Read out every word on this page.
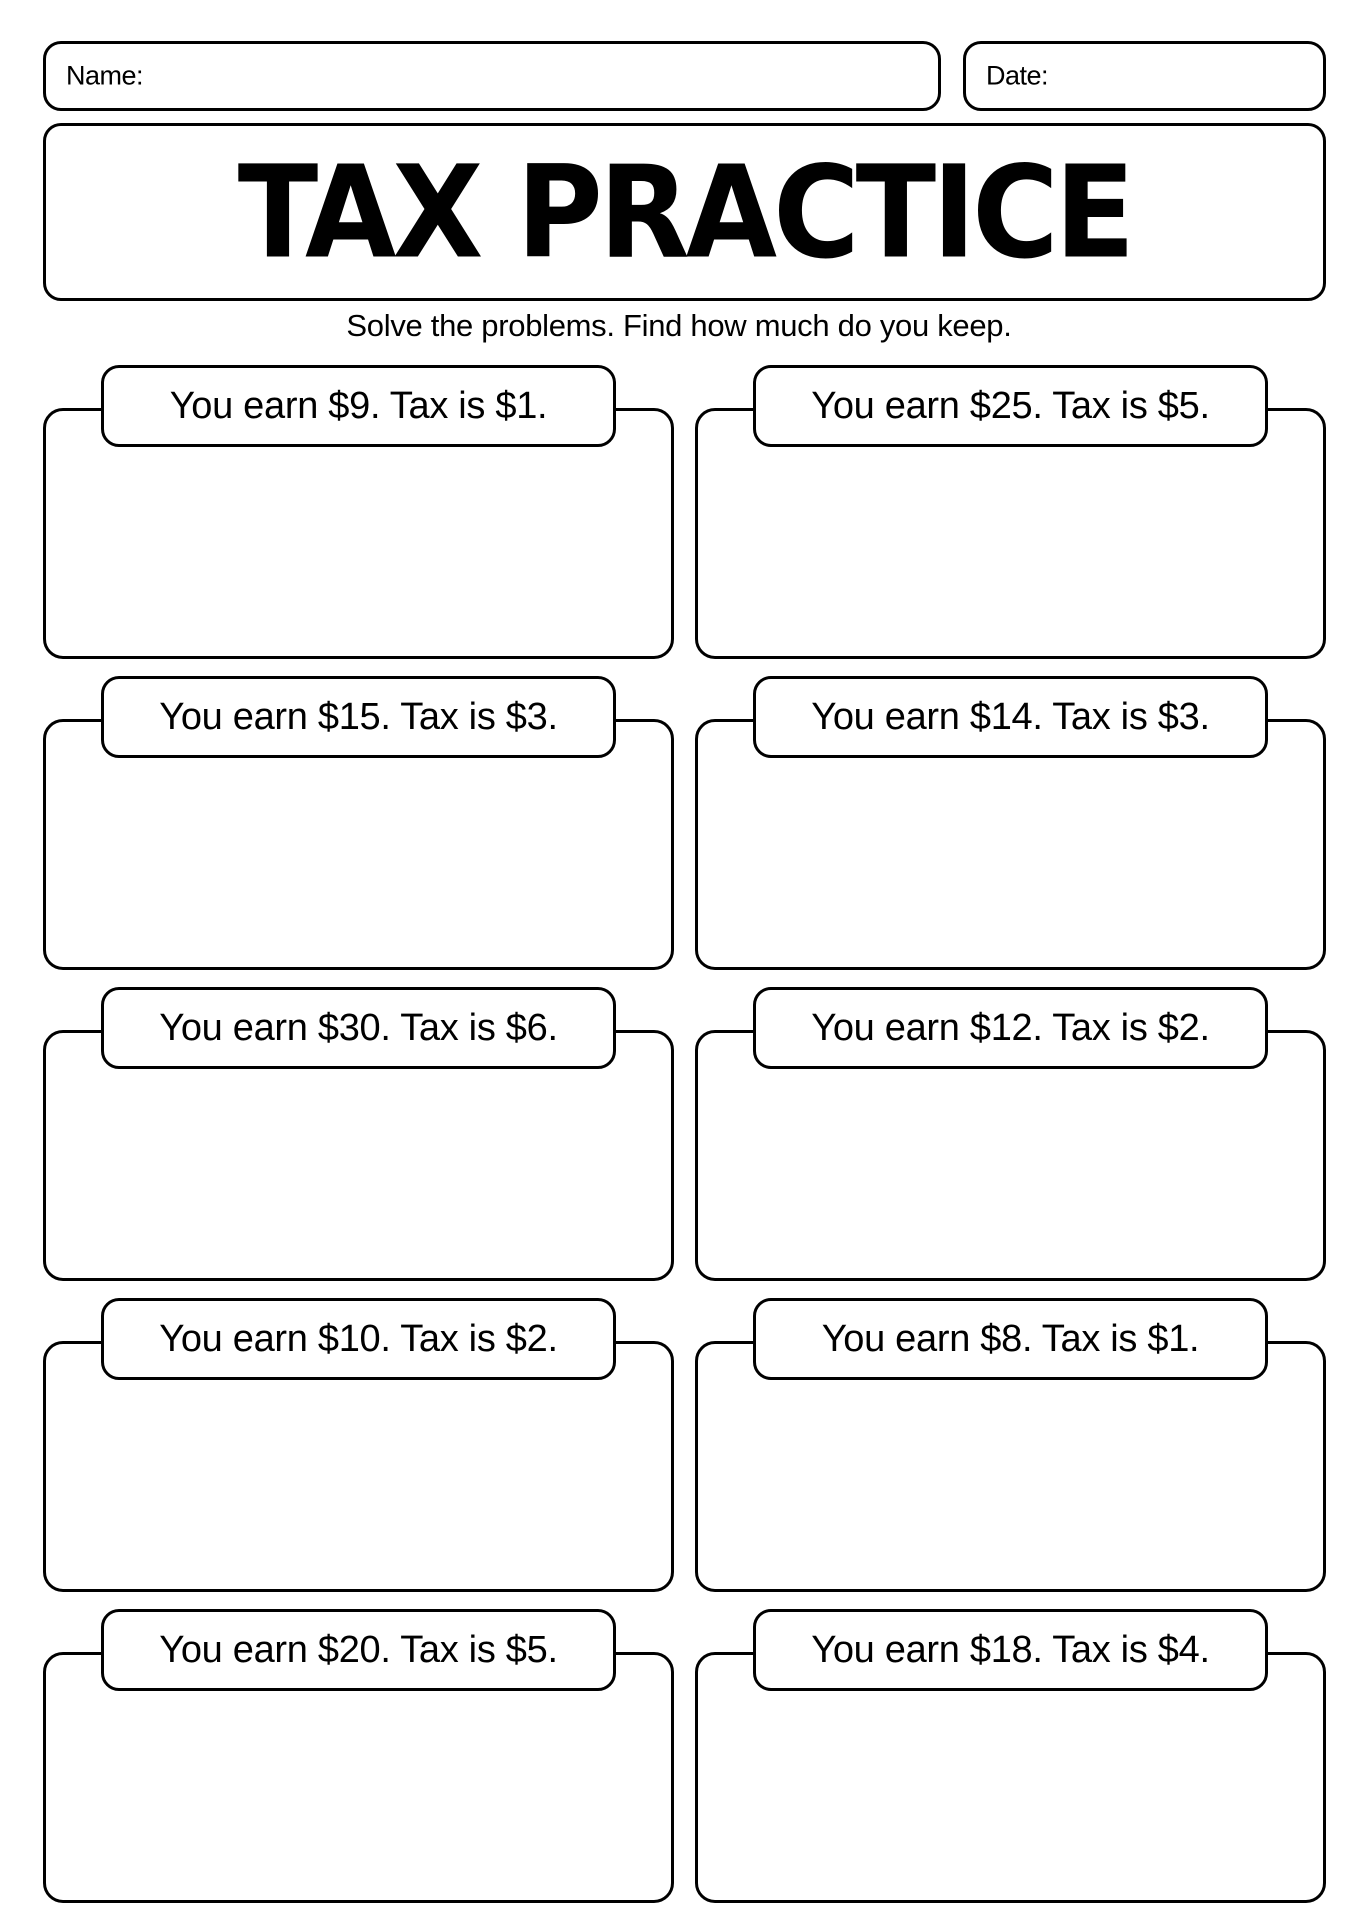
Name:	Date:
TAX PRACTICE
Solve the problems. Find how much do you keep.
You earn $9. Tax is $1.	You earn $25. Tax is $5.
You earn $15. Tax is $3.	You earn $14. Tax is $3.
You earn $30. Tax is $6.	You earn $12. Tax is $2.
You earn $10. Tax is $2.	You earn $8. Tax is $1.
You earn $20. Tax is $5.	You earn $18. Tax is $4.
